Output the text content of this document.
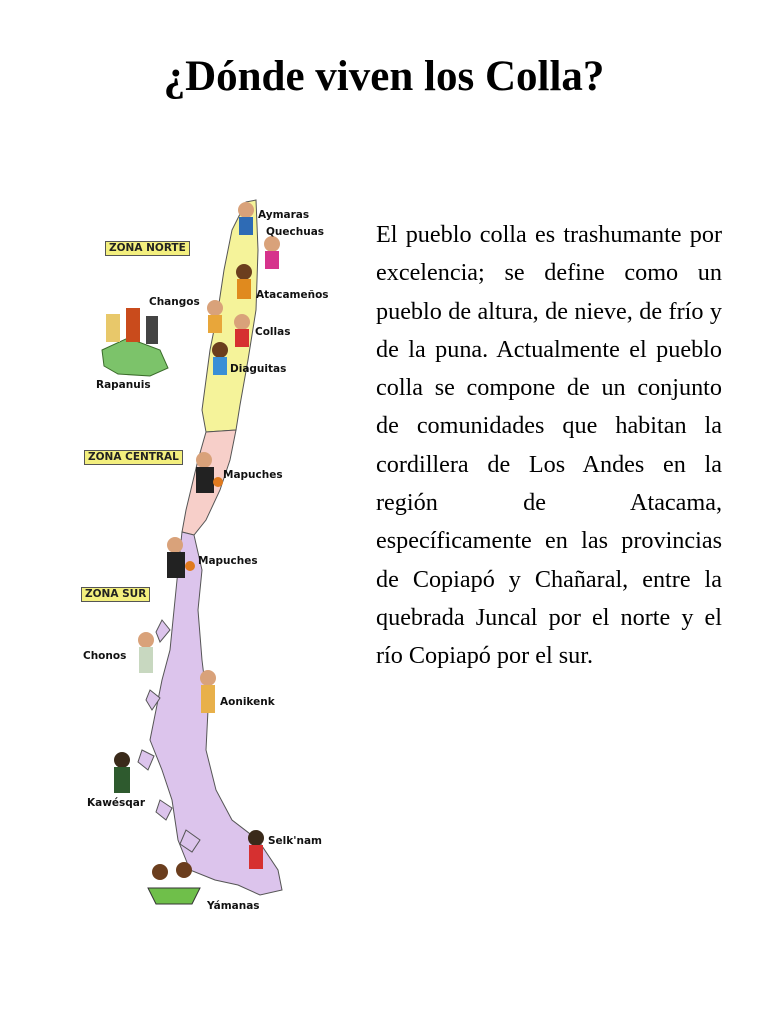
¿Dónde viven los Colla?
ZONA NORTE
ZONA CENTRAL
ZONA SUR
Aymaras
Quechuas
Atacameños
Changos
Collas
Rapanuis
Diaguitas
Mapuches
Mapuches
Chonos
Aonikenk
Kawésqar
Selk'nam
Yámanas

El pueblo colla es trashumante por excelencia; se define como un pueblo de altura, de nieve, de frío y de la puna. Actualmente el pueblo colla se compone de un conjunto de comunidades que habitan la cordillera de Los Andes en la región de Atacama, específicamente en las provincias de Copiapó y Chañaral, entre la quebrada Juncal por el norte y el río Copiapó por el sur.
